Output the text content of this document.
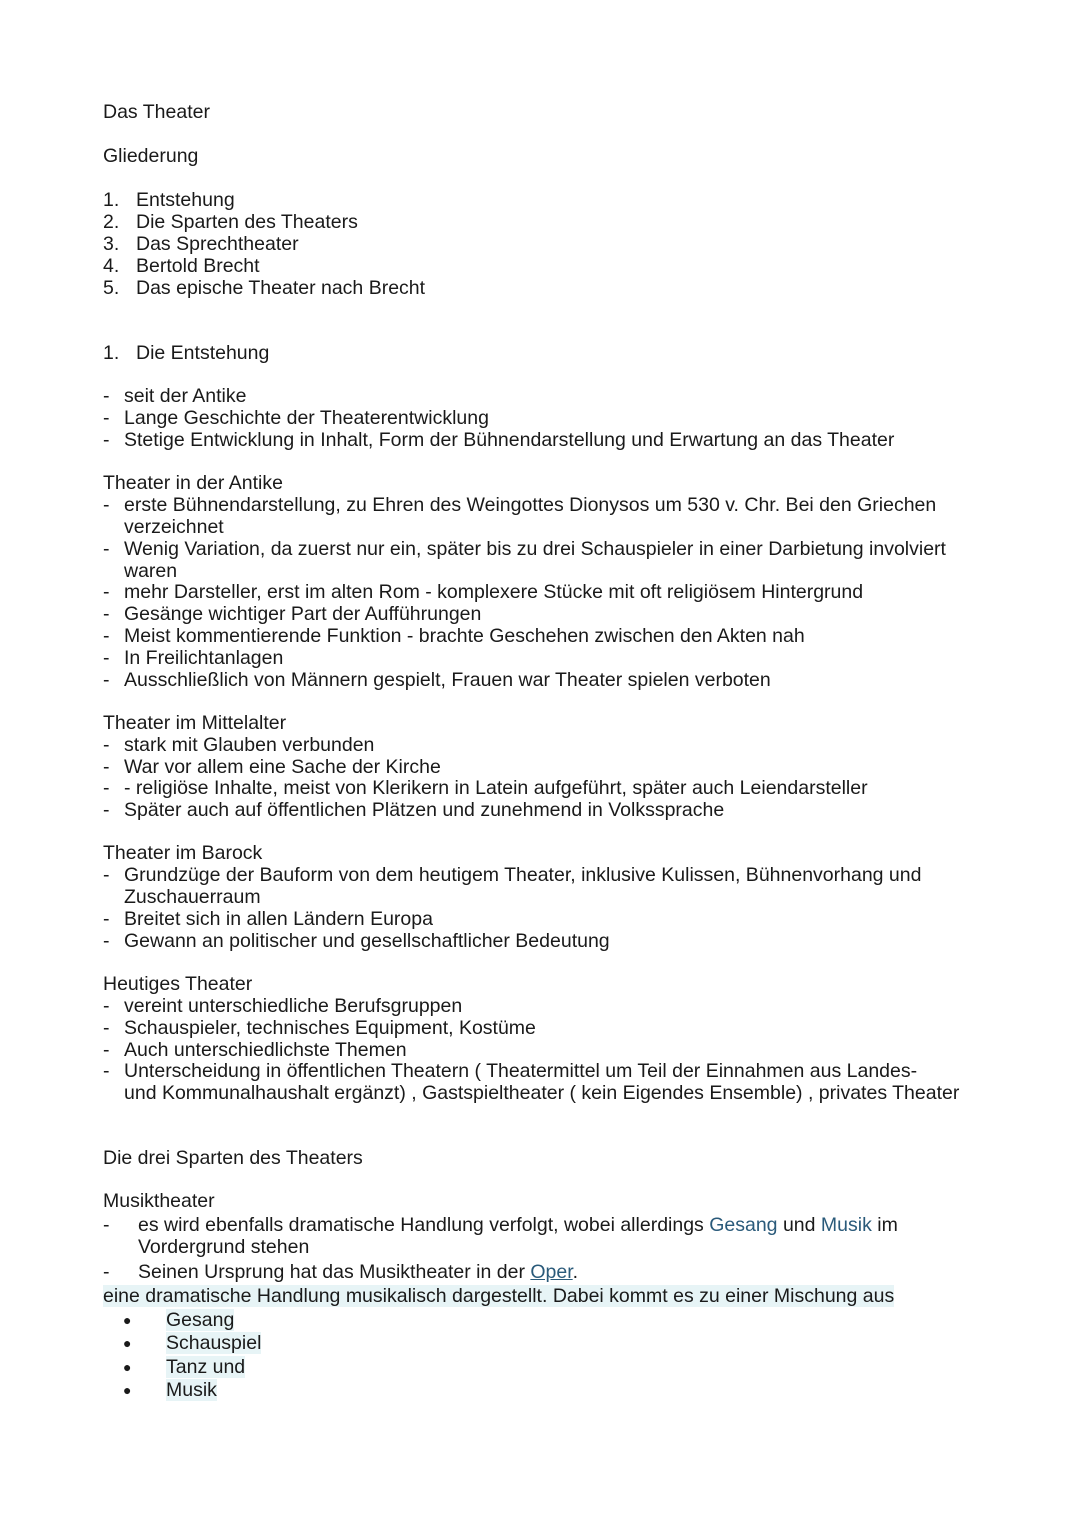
Das Theater
Gliederung
1. Entstehung
2. Die Sparten des Theaters
3. Das Sprechtheater
4. Bertold Brecht
5. Das epische Theater nach Brecht
1. Die Entstehung
- seit der Antike
- Lange Geschichte der Theaterentwicklung
- Stetige Entwicklung in Inhalt, Form der Bühnendarstellung und Erwartung an das Theater
Theater in der Antike
- erste Bühnendarstellung, zu Ehren des Weingottes Dionysos um 530 v. Chr. Bei den Griechen
verzeichnet
- Wenig Variation, da zuerst nur ein, später bis zu drei Schauspieler in einer Darbietung involviert
waren
- mehr Darsteller, erst im alten Rom - komplexere Stücke mit oft religiösem Hintergrund
- Gesänge wichtiger Part der Aufführungen
- Meist kommentierende Funktion - brachte Geschehen zwischen den Akten nah
- In Freilichtanlagen
- Ausschließlich von Männern gespielt, Frauen war Theater spielen verboten
Theater im Mittelalter
- stark mit Glauben verbunden
- War vor allem eine Sache der Kirche
- - religiöse Inhalte, meist von Klerikern in Latein aufgeführt, später auch Leiendarsteller
- Später auch auf öffentlichen Plätzen und zunehmend in Volkssprache
Theater im Barock
- Grundzüge der Bauform von dem heutigem Theater, inklusive Kulissen, Bühnenvorhang und
Zuschauerraum
- Breitet sich in allen Ländern Europa
- Gewann an politischer und gesellschaftlicher Bedeutung
Heutiges Theater
- vereint unterschiedliche Berufsgruppen
- Schauspieler, technisches Equipment, Kostüme
- Auch unterschiedlichste Themen
- Unterscheidung in öffentlichen Theatern ( Theatermittel um Teil der Einnahmen aus Landes-
und Kommunalhaushalt ergänzt) , Gastspieltheater ( kein Eigendes Ensemble) , privates Theater
Die drei Sparten des Theaters
Musiktheater
- es wird ebenfalls dramatische Handlung verfolgt, wobei allerdings Gesang und Musik im
Vordergrund stehen
- Seinen Ursprung hat das Musiktheater in der Oper.
eine dramatische Handlung musikalisch dargestellt. Dabei kommt es zu einer Mischung aus
● Gesang
● Schauspiel
● Tanz und
● Musik
